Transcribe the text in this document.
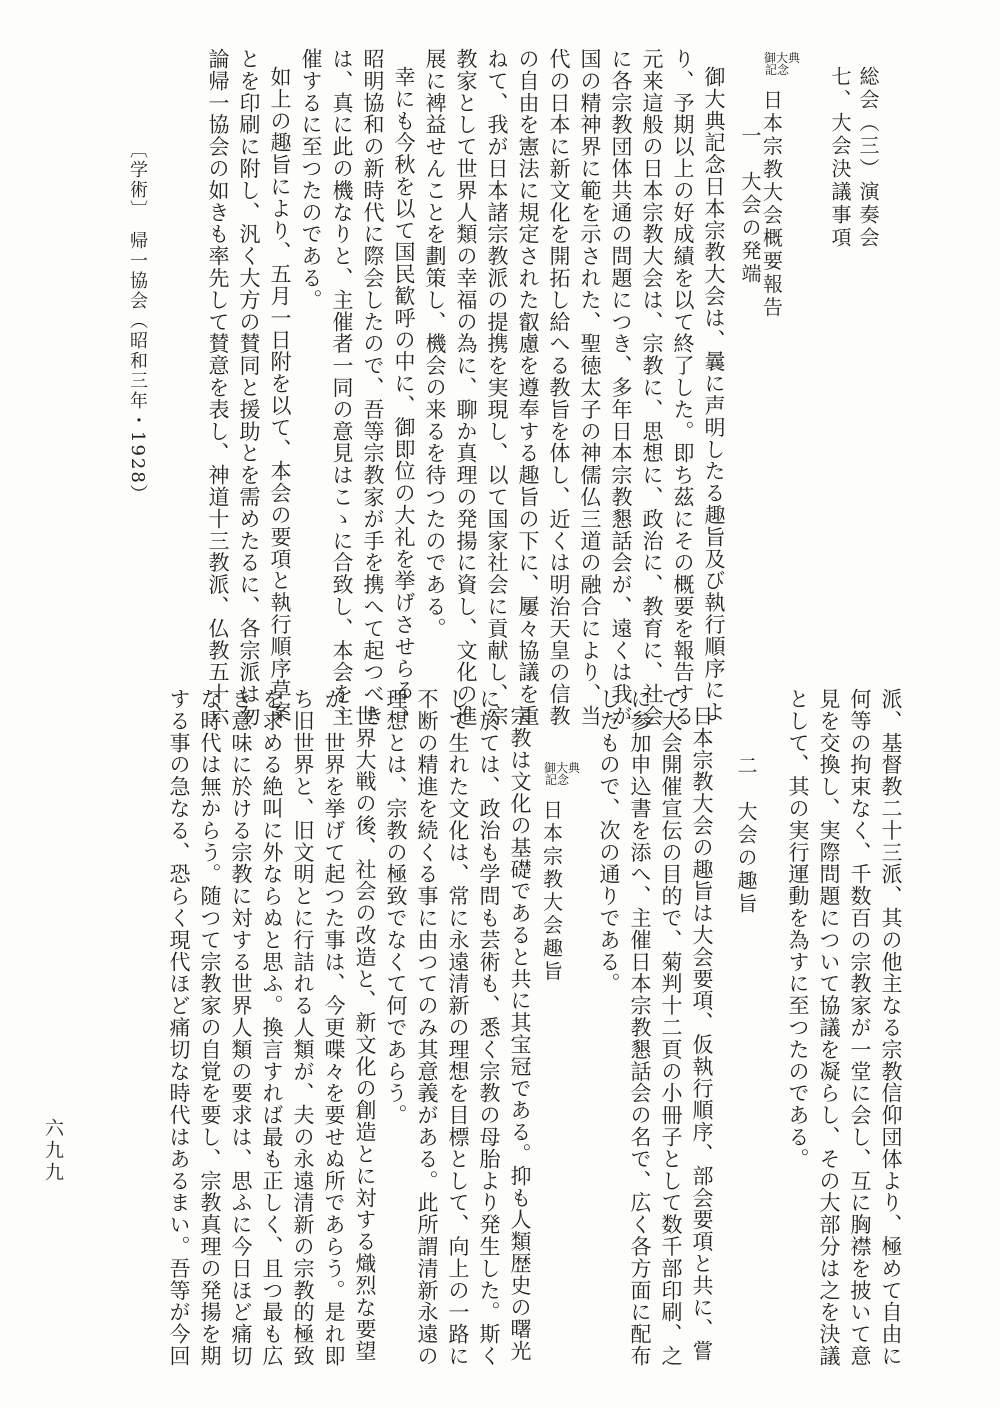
総会（三）演奏会
七、大会決議事項
御大典
記念
日本宗教大会概要報告
一　大会の発端
御大典記念日本宗教大会は、曩に声明したる趣旨及び執行順序によ
り、予期以上の好成績を以て終了した。即ち茲にその概要を報告する
元来這般の日本宗教大会は、宗教に、思想に、政治に、教育に、社会
に各宗教団体共通の問題につき、多年日本宗教懇話会が、遠くは我が
国の精神界に範を示された、聖徳太子の神儒仏三道の融合により、当
代の日本に新文化を開拓し給へる教旨を体し、近くは明治天皇の信教
の自由を憲法に規定された叡慮を遵奉する趣旨の下に、屢々協議を重
ねて、我が日本諸宗教派の提携を実現し、以て国家社会に貢献し、宗
教家として世界人類の幸福の為に、聊か真理の発揚に資し、文化の進
展に裨益せんことを劃策し、機会の来るを待つたのである。
幸にも今秋を以て国民歓呼の中に、御即位の大礼を挙げさせらるゝ
昭明協和の新時代に際会したので、吾等宗教家が手を携へて起つべき
は、真に此の機なりと、主催者一同の意見はこゝに合致し、本会を主
催するに至つたのである。
如上の趣旨により、五月一日附を以て、本会の要項と執行順序草案
とを印刷に附し、汎く大方の賛同と援助とを需めたるに、各宗派は勿
論帰一協会の如きも率先して賛意を表し、神道十三教派、仏教五十六
〔学術〕　帰一協会（昭和三年・1928）
派、基督教二十三派、其の他主なる宗教信仰団体より、極めて自由に
何等の拘束なく、千数百の宗教家が一堂に会し、互に胸襟を披いて意
見を交換し、実際問題について協議を凝らし、その大部分は之を決議
として、其の実行運動を為すに至つたのである。
二　大会の趣旨
日本宗教大会の趣旨は大会要項、仮執行順序、部会要項と共に、嘗
て大会開催宣伝の目的で、菊判十二頁の小冊子として数千部印刷、之
に参加申込書を添へ、主催日本宗教懇話会の名で、広く各方面に配布
したもので、次の通りである。
御大典
記念
日本宗教大会趣旨
宗教は文化の基礎であると共に其宝冠である。抑も人類歴史の曙光
に於ては、政治も学問も芸術も、悉く宗教の母胎より発生した。斯く
して生れた文化は、常に永遠清新の理想を目標として、向上の一路に
不断の精進を続くる事に由つてのみ其意義がある。此所謂清新永遠の
理想とは、宗教の極致でなくて何であらう。
世界大戦の後、社会の改造と、新文化の創造とに対する熾烈な要望
が、世界を挙げて起つた事は、今更喋々を要せぬ所であらう。是れ即
ち旧世界と、旧文明とに行詰れる人類が、夫の永遠清新の宗教的極致
を求める絶叫に外ならぬと思ふ。換言すれば最も正しく、且つ最も広
き意味に於ける宗教に対する世界人類の要求は、思ふに今日ほど痛切
な時代は無からう。随つて宗教家の自覚を要し、宗教真理の発揚を期
する事の急なる、恐らく現代ほど痛切な時代はあるまい。吾等が今回
六九九
